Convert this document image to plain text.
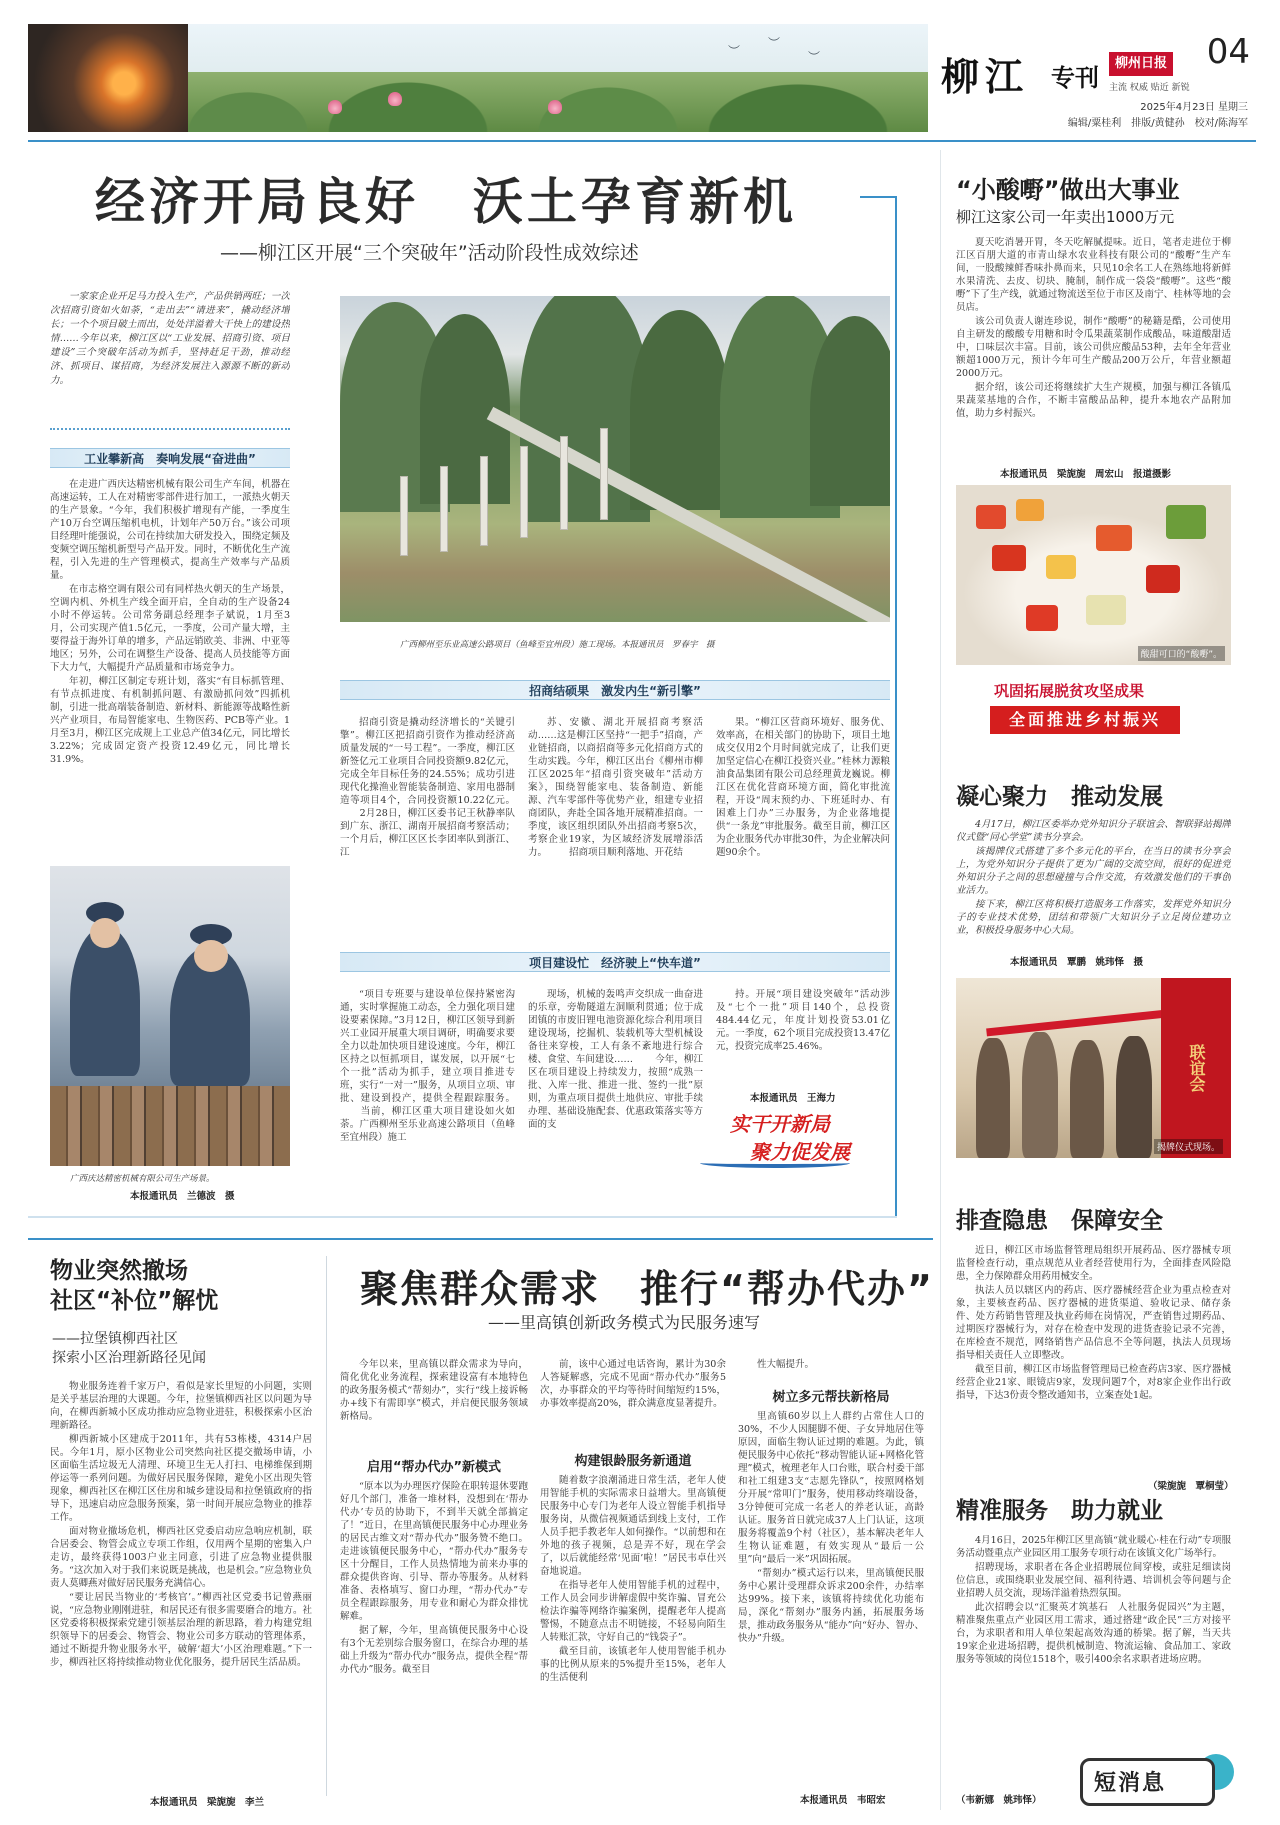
︶
︶
︶	柳江 专刊	柳州日报
主流 权威 贴近 新锐
04
2025年4月23日 星期三
编辑/粟桂利　排版/黄健孙　校对/陈海军
经济开局良好　沃土孕育新机
——柳江区开展“三个突破年”活动阶段性成效综述
一家家企业开足马力投入生产，产品供销两旺；一次次招商引资如火如荼，“走出去”“请进来”，撬动经济增长；一个个项目破土而出，处处洋溢着大干快上的建设热情……今年以来，柳江区以“工业发展、招商引资、项目建设”三个突破年活动为抓手，坚持赶足干劲，推动经济、抓项目、谋招商，为经济发展注入源源不断的新动力。
工业攀新高　奏响发展“奋进曲”

在走进广西庆达精密机械有限公司生产车间，机器在高速运转，工人在对精密零部件进行加工，一派热火朝天的生产景象。“今年，我们积极扩增现有产能，一季度生产10万台空调压缩机电机，计划年产50万台。”该公司项目经理叶能强说，公司在持续加大研发投入，围绕定频及变频空调压缩机新型号产品开发。同时，不断优化生产流程，引入先进的生产管理模式，提高生产效率与产品质量。

在市志格空调有限公司有同样热火朝天的生产场景，空调内机、外机生产线全面开启，全自动的生产设备24小时不停运转。公司常务副总经理李子斌说，1月至3月，公司实现产值1.5亿元，一季度，公司产量大增，主要得益于海外订单的增多，产品远销欧美、非洲、中亚等地区；另外，公司在调整生产设备、提高人员技能等方面下大力气，大幅提升产品质量和市场竞争力。

年初，柳江区制定专班计划，落实“有目标抓管理、有节点抓进度、有机制抓问题、有激励抓问效”四抓机制，引进一批高端装备制造、新材料、新能源等战略性新兴产业项目，布局智能家电、生物医药、PCB等产业。1月至3月，柳江区完成规上工业总产值34亿元，同比增长3.22%；完成固定资产投资12.49亿元，同比增长31.9%。

广西庆达精密机械有限公司生产场景。
本报通讯员　兰德波　摄
广西柳州至乐业高速公路项目（鱼峰至宜州段）施工现场。本报通讯员　罗春宇　摄
招商结硕果　激发内生“新引擎”

招商引资是撬动经济增长的“关键引擎”。柳江区把招商引资作为推动经济高质量发展的“一号工程”。一季度，柳江区新签亿元工业项目合同投资额9.82亿元，完成全年目标任务的24.55%；成功引进现代化操渔业智能装备制造、家用电器制造等项目4个，合同投资额10.22亿元。 　　2月28日，柳江区委书记王秋静率队到广东、浙江、湖南开展招商考察活动；一个月后，柳江区区长李团率队到浙江、江

苏、安徽、湖北开展招商考察活动……这是柳江区坚持“一把手”招商，产业链招商，以商招商等多元化招商方式的生动实践。今年，柳江区出台《柳州市柳江区2025年“招商引资突破年”活动方案》，围绕智能家电、装备制造、新能源、汽车零部件等优势产业，组建专业招商团队，奔赴全国各地开展精准招商。一季度，该区组织团队外出招商考察5次，考察企业19家，为区域经济发展增添活力。 　　招商项目顺利落地、开花结

果。“柳江区营商环境好、服务优、效率高，在相关部门的协助下，项目土地成交仅用2个月时间就完成了，让我们更加坚定信心在柳江投资兴业。”桂林力源粮油食品集团有限公司总经理黄龙巍说。柳江区在优化营商环境方面，简化审批流程，开设“周末预约办、下班延时办、有困难上门办”三办服务，为企业落地提供“一条龙”审批服务。截至目前，柳江区为企业服务代办审批30件，为企业解决问题90余个。

项目建设忙　经济驶上“快车道”

“项目专班要与建设单位保持紧密沟通，实时掌握施工动态，全力强化项目建设要素保障。”3月12日，柳江区领导到新兴工业园开展重大项目调研，明确要求要全力以赴加快项目建设速度。今年，柳江区持之以恒抓项目，谋发展，以开展“七个一批”活动为抓手，建立项目推进专班，实行“一对一”服务，从项目立项、审批、建设到投产，提供全程跟踪服务。 　　当前，柳江区重大项目建设如火如荼。广西柳州至乐业高速公路项目（鱼峰至宜州段）施工

现场，机械的轰鸣声交织成一曲奋进的乐章，旁勒隧道左洞顺利贯通；位于成团镇的市废旧锂电池资源化综合利用项目建设现场，挖掘机、装载机等大型机械设备往来穿梭，工人有条不紊地进行综合楼、食堂、车间建设…… 　　今年，柳江区在项目建设上持续发力，按照“成熟一批、入库一批、推进一批、签约一批”原则，为重点项目提供土地供应、审批手续办理、基础设施配套、优惠政策落实等方面的支

持。开展“项目建设突破年”活动涉及“七个一批”项目140个，总投资484.44亿元，年度计划投资53.01亿元。一季度，62个项目完成投资13.47亿元，投资完成率25.46%。

本报通讯员　王海力
实干开新局
聚力促发展
“小酸嘢”做出大事业
柳江这家公司一年卖出1000万元

夏天吃消暑开胃，冬天吃解腻提味。近日，笔者走进位于柳江区百朋大道的市青山绿水农业科技有限公司的“酸嘢”生产车间，一股酸辣鲜香味扑鼻而来，只见10余名工人在熟练地将新鲜水果清洗、去皮、切块、腌制，制作成一袋袋“酸嘢”。这些“酸嘢”下了生产线，就通过物流送至位于市区及南宁、桂林等地的会员店。

该公司负责人谢连珍说，制作“酸嘢”的秘籍是酷，公司使用自主研发的酸酸专用糖和时令瓜果蔬菜制作成酸品，味道酸甜适中，口味层次丰富。目前，该公司供应酸品53种，去年全年营业额超1000万元，预计今年可生产酸品200万公斤，年营业额超2000万元。

据介绍，该公司还将继续扩大生产规模，加强与柳江各镇瓜果蔬菜基地的合作，不断丰富酸品品种，提升本地农产品附加值，助力乡村振兴。

本报通讯员　梁旎旎　周宏山　报道摄影
酸甜可口的“酸嘢”。
巩固拓展脱贫攻坚成果
全面推进乡村振兴
凝心聚力　推动发展

4月17日，柳江区委举办党外知识分子联谊会、智联驿站揭牌仪式暨“同心学堂”读书分享会。

该揭牌仪式搭建了多个多元化的平台，在当日的读书分享会上，为党外知识分子提供了更为广阔的交流空间，很好的促进党外知识分子之间的思想碰撞与合作交流，有效激发他们的干事创业活力。

接下来，柳江区将积极打造服务工作落实，发挥党外知识分子的专业技术优势，团结和带领广大知识分子立足岗位建功立业，积极投身服务中心大局。

本报通讯员　覃鹏　姚玮怿　摄
联谊会
揭牌仪式现场。
排查隐患　保障安全

近日，柳江区市场监督管理局组织开展药品、医疗器械专项监督检查行动，重点规范从业者经营使用行为，全面排查风险隐患，全力保障群众用药用械安全。

执法人员以辖区内的药店、医疗器械经营企业为重点检查对象，主要核查药品、医疗器械的进货渠道、验收记录、储存条件、处方药销售管理及执业药师在岗情况，严查销售过期药品、过期医疗器械行为，对存在检查中发现的进货查验记录不完善，在库检查不规范，网络销售产品信息不全等问题，执法人员现场指导相关责任人立即整改。

截至目前，柳江区市场监督管理局已检查药店3家、医疗器械经营企业21家、眼镜店9家，发现问题7个，对8家企业作出行政指导，下达3份责令整改通知书，立案查处1起。

（梁旎旎　覃桐莹）
精准服务　助力就业

4月16日，2025年柳江区里高镇“就业暖心·桂在行动”专项服务活动暨重点产业园区用工服务专项行动在该镇文化广场举行。

招聘现场，求职者在各企业招聘展位间穿梭，或驻足细读岗位信息，或围绕职业发展空间、福利待遇、培训机会等问题与企业招聘人员交流，现场洋溢着热烈氛围。

此次招聘会以“汇聚英才筑基石　人社服务促园兴”为主题，精准聚焦重点产业园区用工需求，通过搭建“政企民”三方对接平台，为求职者和用人单位架起高效沟通的桥梁。据了解，当天共19家企业进场招聘，提供机械制造、物流运输、食品加工、家政服务等领域的岗位1518个，吸引400余名求职者进场应聘。

（韦新娜　姚玮怿）
短消息
物业突然撤场
社区“补位”解忧
——拉堡镇柳西社区
探索小区治理新路径见闻

物业服务连着千家万户，看似是家长里短的小问题，实则是关乎基层治理的大课题。今年，拉堡镇柳西社区以问题为导向，在柳西新城小区成功推动应急物业进驻，积极探索小区治理新路径。

柳西新城小区建成于2011年，共有53栋楼，4314户居民。今年1月，原小区物业公司突然向社区提交撤场申请，小区面临生活垃圾无人清理、环境卫生无人打扫、电梯维保到期停运等一系列问题。为做好居民服务保障，避免小区出现失管现象，柳西社区在柳江区住房和城乡建设局和拉堡镇政府的指导下，迅速启动应急服务预案，第一时间开展应急物业的推荐工作。

面对物业撤场危机，柳西社区党委启动应急响应机制，联合居委会、物管会成立专项工作组，仅用两个星期的密集入户走访，最终获得1003户业主同意，引进了应急物业提供服务。“这次加入对于我们来说既是挑战，也是机会。”应急物业负责人莫卿燕对做好居民服务充满信心。

“要让居民当物业的‘考核官’。”柳西社区党委书记曾燕丽说，“应急物业刚刚进驻，和居民还有很多需要磨合的地方。社区党委将积极探索党建引领基层治理的新思路，着力构建党组织领导下的居委会、物管会、物业公司多方联动的管理体系，通过不断提升物业服务水平，破解‘超大’小区治理难题。”下一步，柳西社区将持续推动物业优化服务，提升居民生活品质。

本报通讯员　梁旎旎　李兰
聚焦群众需求　推行“帮办代办”
——里高镇创新政务模式为民服务速写

今年以来，里高镇以群众需求为导向，简化优化业务流程，探索建设富有本地特色的政务服务模式“帮刻办”，实行“线上接诉畅办+线下有需即享”模式，并启便民服务领域新格局。

启用“帮办代办”新模式

“原本以为办理医疗保险在职转退休要跑好几个部门，准备一堆材料，没想到在‘帮办代办’专员的协助下，不到半天就全部搞定了！”近日，在里高镇便民服务中心办理业务的居民古维文对“帮办代办”服务赞不绝口。走进该镇便民服务中心，“帮办代办”服务专区十分醒目，工作人员热情地为前来办事的群众提供咨询、引导、帮办等服务。从材料准备、表格填写、窗口办理，“帮办代办”专员全程跟踪服务，用专业和耐心为群众排忧解难。

据了解，今年，里高镇便民服务中心设有3个无差别综合服务窗口，在综合办理的基础上升级为“帮办代办”服务点，提供全程“帮办代办”服务。截至目

前，该中心通过电话咨询，累计为30余人答疑解惑，完成不见面“帮办代办”服务5次，办事群众的平均等待时间缩短约15%，办事效率提高20%，群众满意度显著提升。

构建银龄服务新通道

随着数字浪潮涌进日常生活，老年人使用智能手机的实际需求日益增大。里高镇便民服务中心专门为老年人设立智能手机指导服务岗，从微信视频通话到线上支付，工作人员手把手教老年人如何操作。“以前想和在外地的孩子视频，总是弄不好，现在学会了，以后就能经常‘见面’啦！”居民韦卓仕兴奋地说道。

在指导老年人使用智能手机的过程中，工作人员会同步讲解虚假中奖诈骗、冒充公检法诈骗等网络诈骗案例，提醒老年人提高警惕，不随意点击不明链接，不轻易向陌生人转账汇款，守好自己的“钱袋子”。

截至目前，该镇老年人使用智能手机办事的比例从原来的5%提升至15%，老年人的生活便利

性大幅提升。

树立多元帮扶新格局

里高镇60岁以上人群约占常住人口的30%，不少人因腿脚不便、子女异地居住等原因，面临生物认证过期的难题。为此，镇便民服务中心依托“移动智能认证+网格化管理”模式，梳理老年人口台账，联合村委干部和社工组建3支“志愿先锋队”，按照网格划分开展“常叩门”服务，使用移动终端设备，3分钟便可完成一名老人的养老认证，高龄认证。服务首日就完成37人上门认证，这项服务将覆盖9个村（社区），基本解决老年人生物认证难题，有效实现从“最后一公里”向“最后一米”巩固拓展。

“帮刻办”模式运行以来，里高镇便民服务中心累计受理群众诉求200余件，办结率达99%。接下来，该镇将持续优化功能布局，深化“帮刻办”服务内涵，拓展服务场景，推动政务服务从“能办”向“好办、智办、快办”升级。

本报通讯员　韦昭宏
